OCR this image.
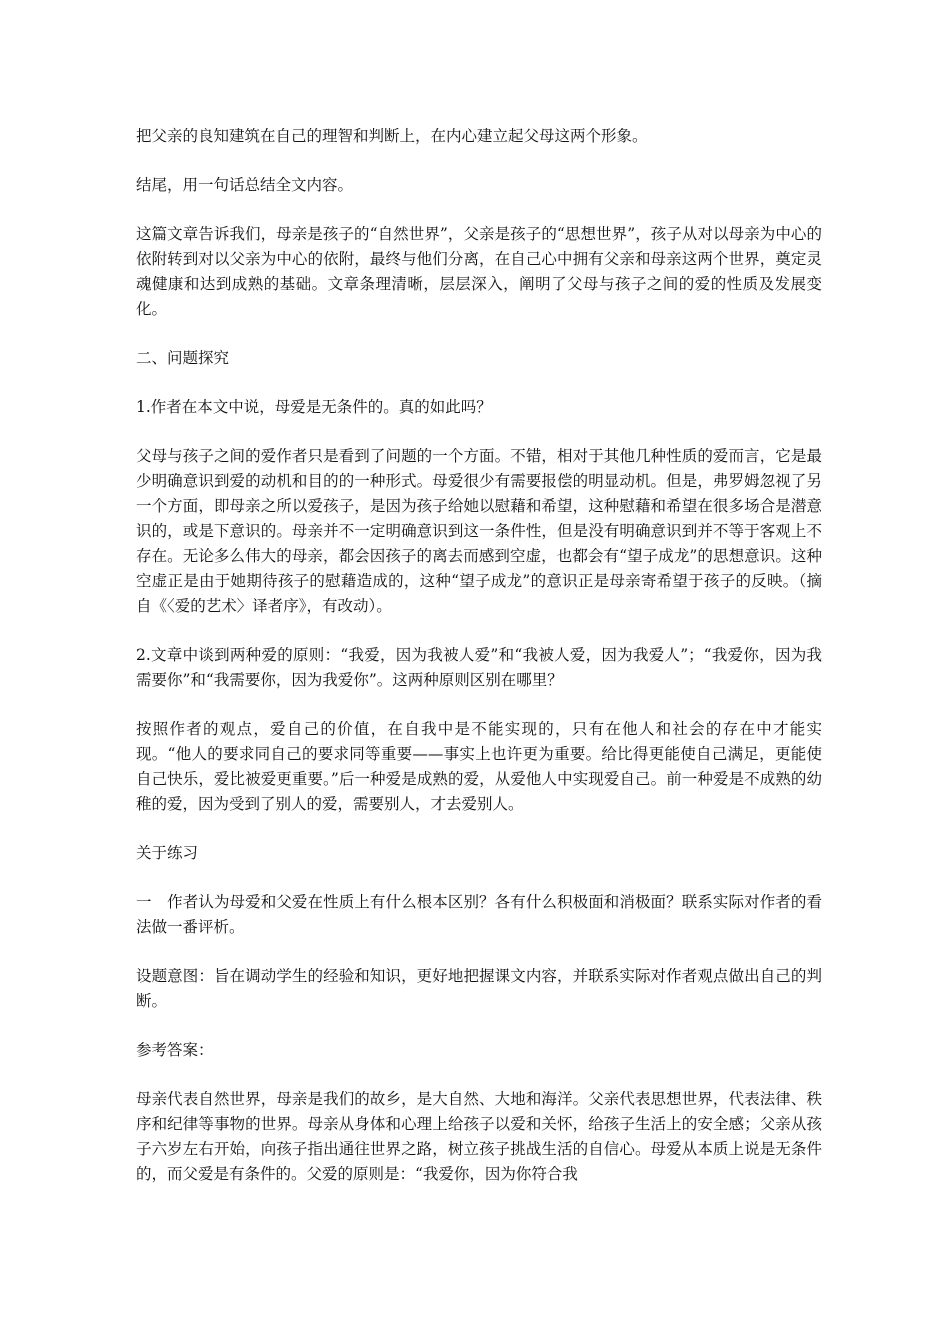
把父亲的良知建筑在自己的理智和判断上，在内心建立起父母这两个形象。

结尾，用一句话总结全文内容。

这篇文章告诉我们，母亲是孩子的“自然世界”，父亲是孩子的“思想世界”，孩子从对以母亲为中心的依附转到对以父亲为中心的依附，最终与他们分离，在自己心中拥有父亲和母亲这两个世界，奠定灵魂健康和达到成熟的基础。文章条理清晰，层层深入，阐明了父母与孩子之间的爱的性质及发展变化。

二、问题探究

1.作者在本文中说，母爱是无条件的。真的如此吗？

父母与孩子之间的爱作者只是看到了问题的一个方面。不错，相对于其他几种性质的爱而言，它是最少明确意识到爱的动机和目的的一种形式。母爱很少有需要报偿的明显动机。但是，弗罗姆忽视了另一个方面，即母亲之所以爱孩子，是因为孩子给她以慰藉和希望，这种慰藉和希望在很多场合是潜意识的，或是下意识的。母亲并不一定明确意识到这一条件性，但是没有明确意识到并不等于客观上不存在。无论多么伟大的母亲，都会因孩子的离去而感到空虚，也都会有“望子成龙”的思想意识。这种空虚正是由于她期待孩子的慰藉造成的，这种“望子成龙”的意识正是母亲寄希望于孩子的反映。（摘自《〈爱的艺术〉译者序》，有改动）。

2.文章中谈到两种爱的原则：“我爱，因为我被人爱”和“我被人爱，因为我爱人”；“我爱你，因为我需要你”和“我需要你，因为我爱你”。这两种原则区别在哪里？

按照作者的观点，爱自己的价值，在自我中是不能实现的，只有在他人和社会的存在中才能实现。“他人的要求同自己的要求同等重要——事实上也许更为重要。给比得更能使自己满足，更能使自己快乐，爱比被爱更重要。”后一种爱是成熟的爱，从爱他人中实现爱自己。前一种爱是不成熟的幼稚的爱，因为受到了别人的爱，需要别人，才去爱别人。

关于练习

一　作者认为母爱和父爱在性质上有什么根本区别？各有什么积极面和消极面？联系实际对作者的看法做一番评析。

设题意图：旨在调动学生的经验和知识，更好地把握课文内容，并联系实际对作者观点做出自己的判断。

参考答案：

母亲代表自然世界，母亲是我们的故乡，是大自然、大地和海洋。父亲代表思想世界，代表法律、秩序和纪律等事物的世界。母亲从身体和心理上给孩子以爱和关怀，给孩子生活上的安全感；父亲从孩子六岁左右开始，向孩子指出通往世界之路，树立孩子挑战生活的自信心。母爱从本质上说是无条件的，而父爱是有条件的。父爱的原则是：“我爱你，因为你符合我
